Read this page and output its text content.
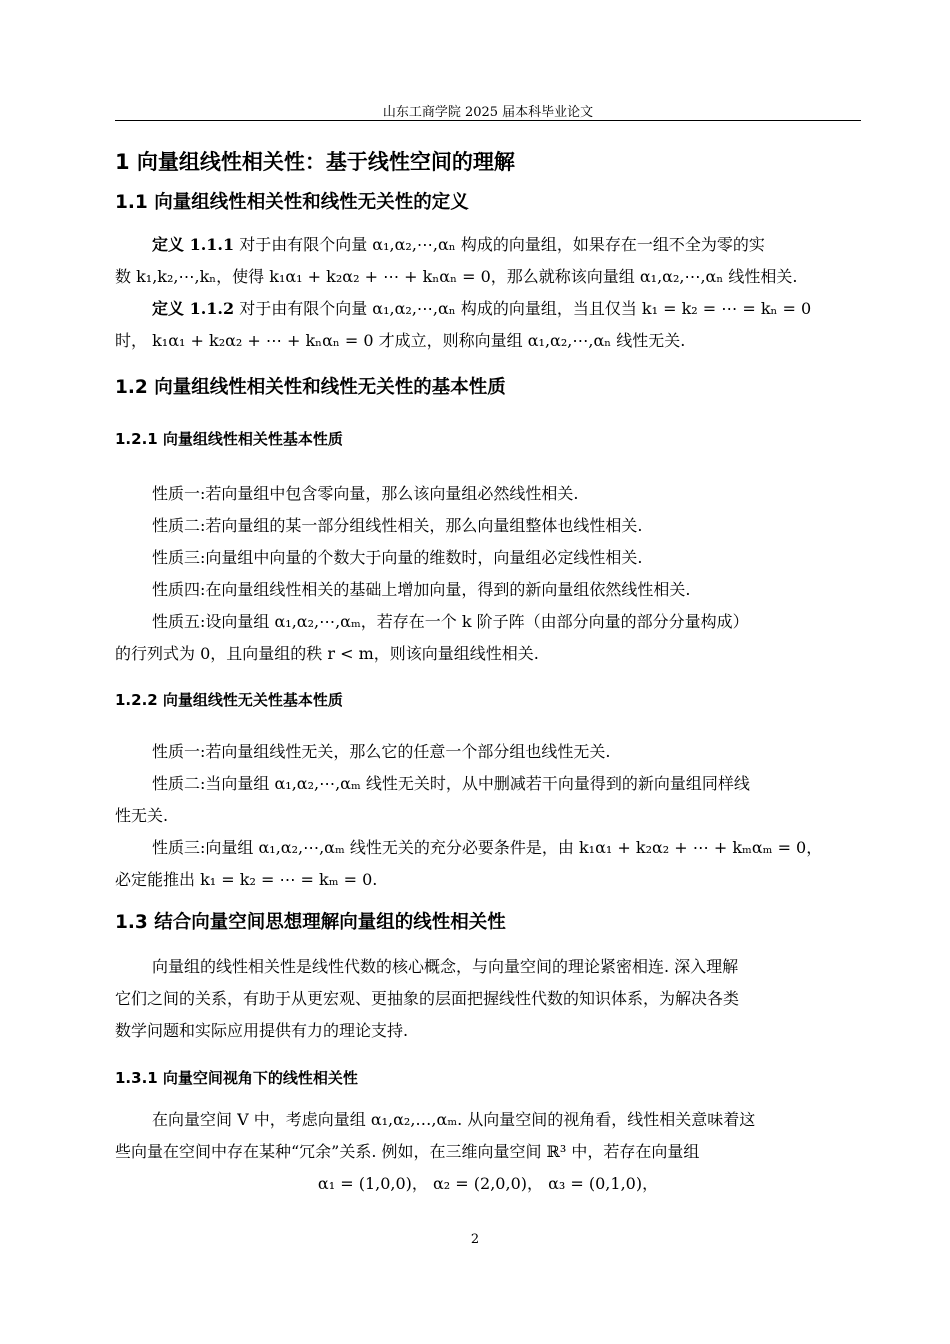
山东工商学院 2025 届本科毕业论文
1 向量组线性相关性：基于线性空间的理解
1.1 向量组线性相关性和线性无关性的定义
定义 1.1.1 对于由有限个向量 α₁,α₂,⋯,αₙ 构成的向量组，如果存在一组不全为零的实
数 k₁,k₂,⋯,kₙ，使得 k₁α₁ + k₂α₂ + ⋯ + kₙαₙ = 0，那么就称该向量组 α₁,α₂,⋯,αₙ 线性相关.
定义 1.1.2 对于由有限个向量 α₁,α₂,⋯,αₙ 构成的向量组，当且仅当 k₁ = k₂ = ⋯ = kₙ = 0
时， k₁α₁ + k₂α₂ + ⋯ + kₙαₙ = 0 才成立，则称向量组 α₁,α₂,⋯,αₙ 线性无关.
1.2 向量组线性相关性和线性无关性的基本性质
1.2.1 向量组线性相关性基本性质
性质一:若向量组中包含零向量，那么该向量组必然线性相关.
性质二:若向量组的某一部分组线性相关，那么向量组整体也线性相关.
性质三:向量组中向量的个数大于向量的维数时，向量组必定线性相关.
性质四:在向量组线性相关的基础上增加向量，得到的新向量组依然线性相关.
性质五:设向量组 α₁,α₂,⋯,αₘ，若存在一个 k 阶子阵（由部分向量的部分分量构成）
的行列式为 0，且向量组的秩 r < m，则该向量组线性相关.
1.2.2 向量组线性无关性基本性质
性质一:若向量组线性无关，那么它的任意一个部分组也线性无关.
性质二:当向量组 α₁,α₂,⋯,αₘ 线性无关时，从中删减若干向量得到的新向量组同样线
性无关.
性质三:向量组 α₁,α₂,⋯,αₘ 线性无关的充分必要条件是，由 k₁α₁ + k₂α₂ + ⋯ + kₘαₘ = 0，
必定能推出 k₁ = k₂ = ⋯ = kₘ = 0.
1.3 结合向量空间思想理解向量组的线性相关性
向量组的线性相关性是线性代数的核心概念，与向量空间的理论紧密相连. 深入理解
它们之间的关系，有助于从更宏观、更抽象的层面把握线性代数的知识体系，为解决各类
数学问题和实际应用提供有力的理论支持.
1.3.1 向量空间视角下的线性相关性
在向量空间 V 中，考虑向量组 α₁,α₂,…,αₘ. 从向量空间的视角看，线性相关意味着这
些向量在空间中存在某种“冗余”关系. 例如，在三维向量空间 ℝ³ 中，若存在向量组
α₁ = (1,0,0)， α₂ = (2,0,0)， α₃ = (0,1,0)，
2
